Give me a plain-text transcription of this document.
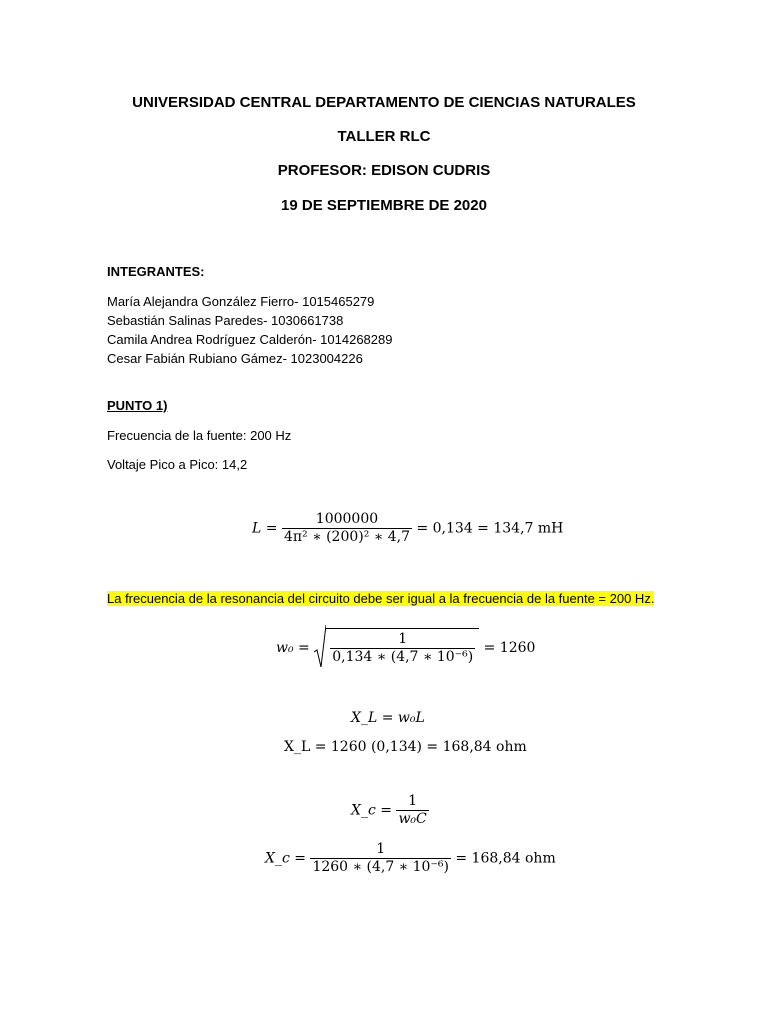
UNIVERSIDAD CENTRAL DEPARTAMENTO DE CIENCIAS NATURALES
TALLER RLC
PROFESOR: EDISON CUDRIS
19 DE SEPTIEMBRE DE 2020
INTEGRANTES:
María Alejandra González Fierro- 1015465279
Sebastián Salinas Paredes- 1030661738
Camila Andrea Rodríguez Calderón- 1014268289
Cesar Fabián Rubiano Gámez- 1023004226
PUNTO 1)
Frecuencia de la fuente: 200 Hz
Voltaje Pico a Pico: 14,2
$L = \frac{1000000}{\text{4π² ∗ (200)² ∗ 4,7}} = 0,134 = 134,7$ mH
La frecuencia de la resonancia del circuito debe ser igual a la frecuencia de la fuente = 200 Hz.
$w_0 = \frac{1}{\text{0,134 ∗ (4,7 ∗ 10⁻⁶)}} = 1260$
X_L = w₀L
X_L = 1260 (0,134) = 168,84 ohm
X_c = $\frac{1}{\text{w₀C}}$
X_c = $\frac{1}{\text{1260 ∗ (4,7 ∗ 10⁻⁶)}} = 168,84$ ohm
